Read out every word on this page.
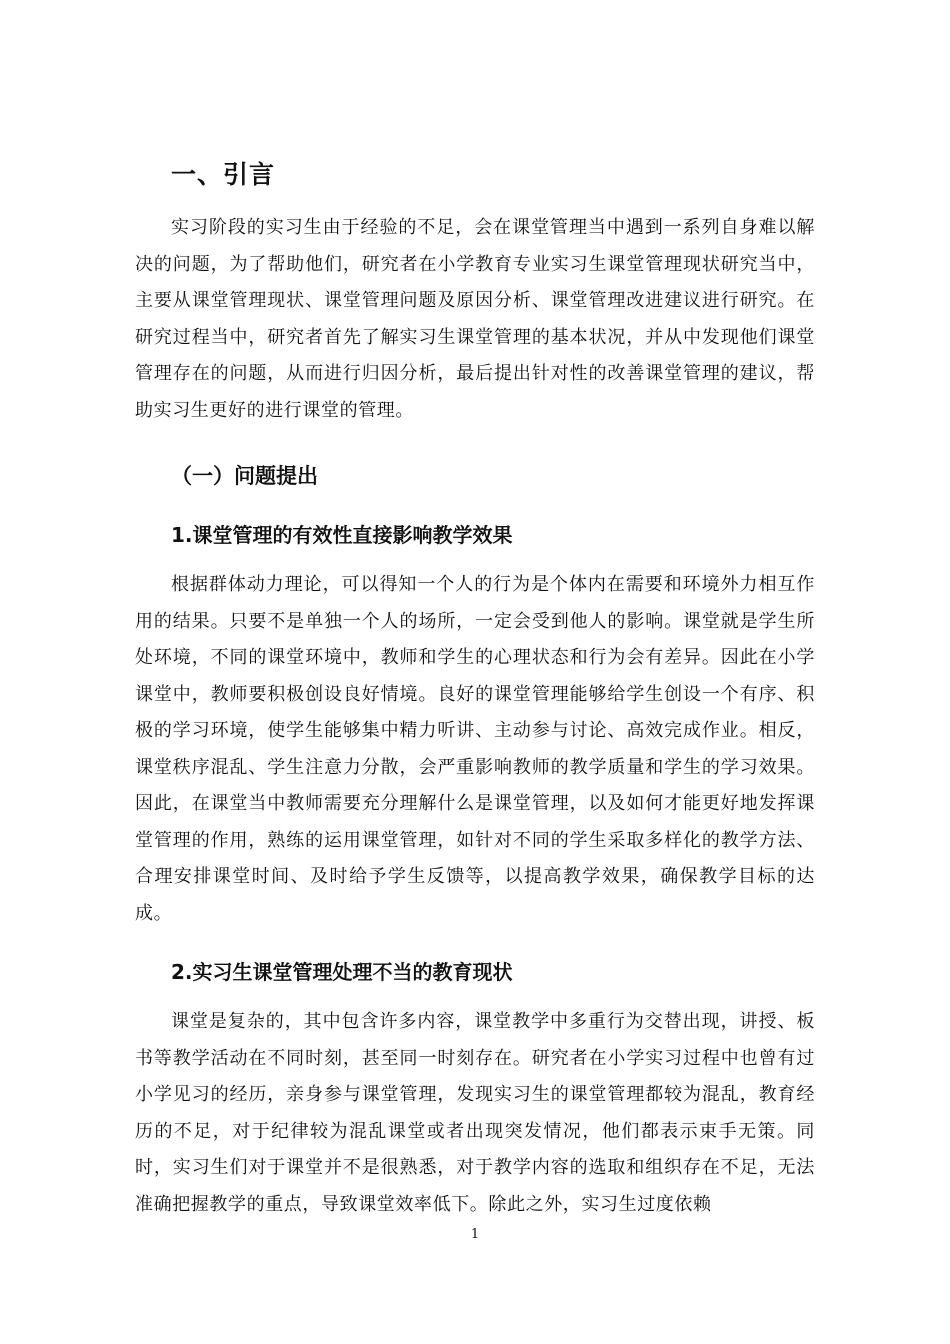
一、引言

实习阶段的实习生由于经验的不足，会在课堂管理当中遇到一系列自身难以解决的问题，为了帮助他们，研究者在小学教育专业实习生课堂管理现状研究当中，主要从课堂管理现状、课堂管理问题及原因分析、课堂管理改进建议进行研究。在研究过程当中，研究者首先了解实习生课堂管理的基本状况，并从中发现他们课堂管理存在的问题，从而进行归因分析，最后提出针对性的改善课堂管理的建议，帮助实习生更好的进行课堂的管理。

（一）问题提出
1.课堂管理的有效性直接影响教学效果

根据群体动力理论，可以得知一个人的行为是个体内在需要和环境外力相互作用的结果。只要不是单独一个人的场所，一定会受到他人的影响。课堂就是学生所处环境，不同的课堂环境中，教师和学生的心理状态和行为会有差异。因此在小学课堂中，教师要积极创设良好情境。良好的课堂管理能够给学生创设一个有序、积极的学习环境，使学生能够集中精力听讲、主动参与讨论、高效完成作业。相反，课堂秩序混乱、学生注意力分散，会严重影响教师的教学质量和学生的学习效果。因此，在课堂当中教师需要充分理解什么是课堂管理，以及如何才能更好地发挥课堂管理的作用，熟练的运用课堂管理，如针对不同的学生采取多样化的教学方法、合理安排课堂时间、及时给予学生反馈等，以提高教学效果，确保教学目标的达成。

2.实习生课堂管理处理不当的教育现状

课堂是复杂的，其中包含许多内容，课堂教学中多重行为交替出现，讲授、板书等教学活动在不同时刻，甚至同一时刻存在。研究者在小学实习过程中也曾有过小学见习的经历，亲身参与课堂管理，发现实习生的课堂管理都较为混乱，教育经历的不足，对于纪律较为混乱课堂或者出现突发情况，他们都表示束手无策。同时，实习生们对于课堂并不是很熟悉，对于教学内容的选取和组织存在不足，无法准确把握教学的重点，导致课堂效率低下。除此之外，实习生过度依赖

1
